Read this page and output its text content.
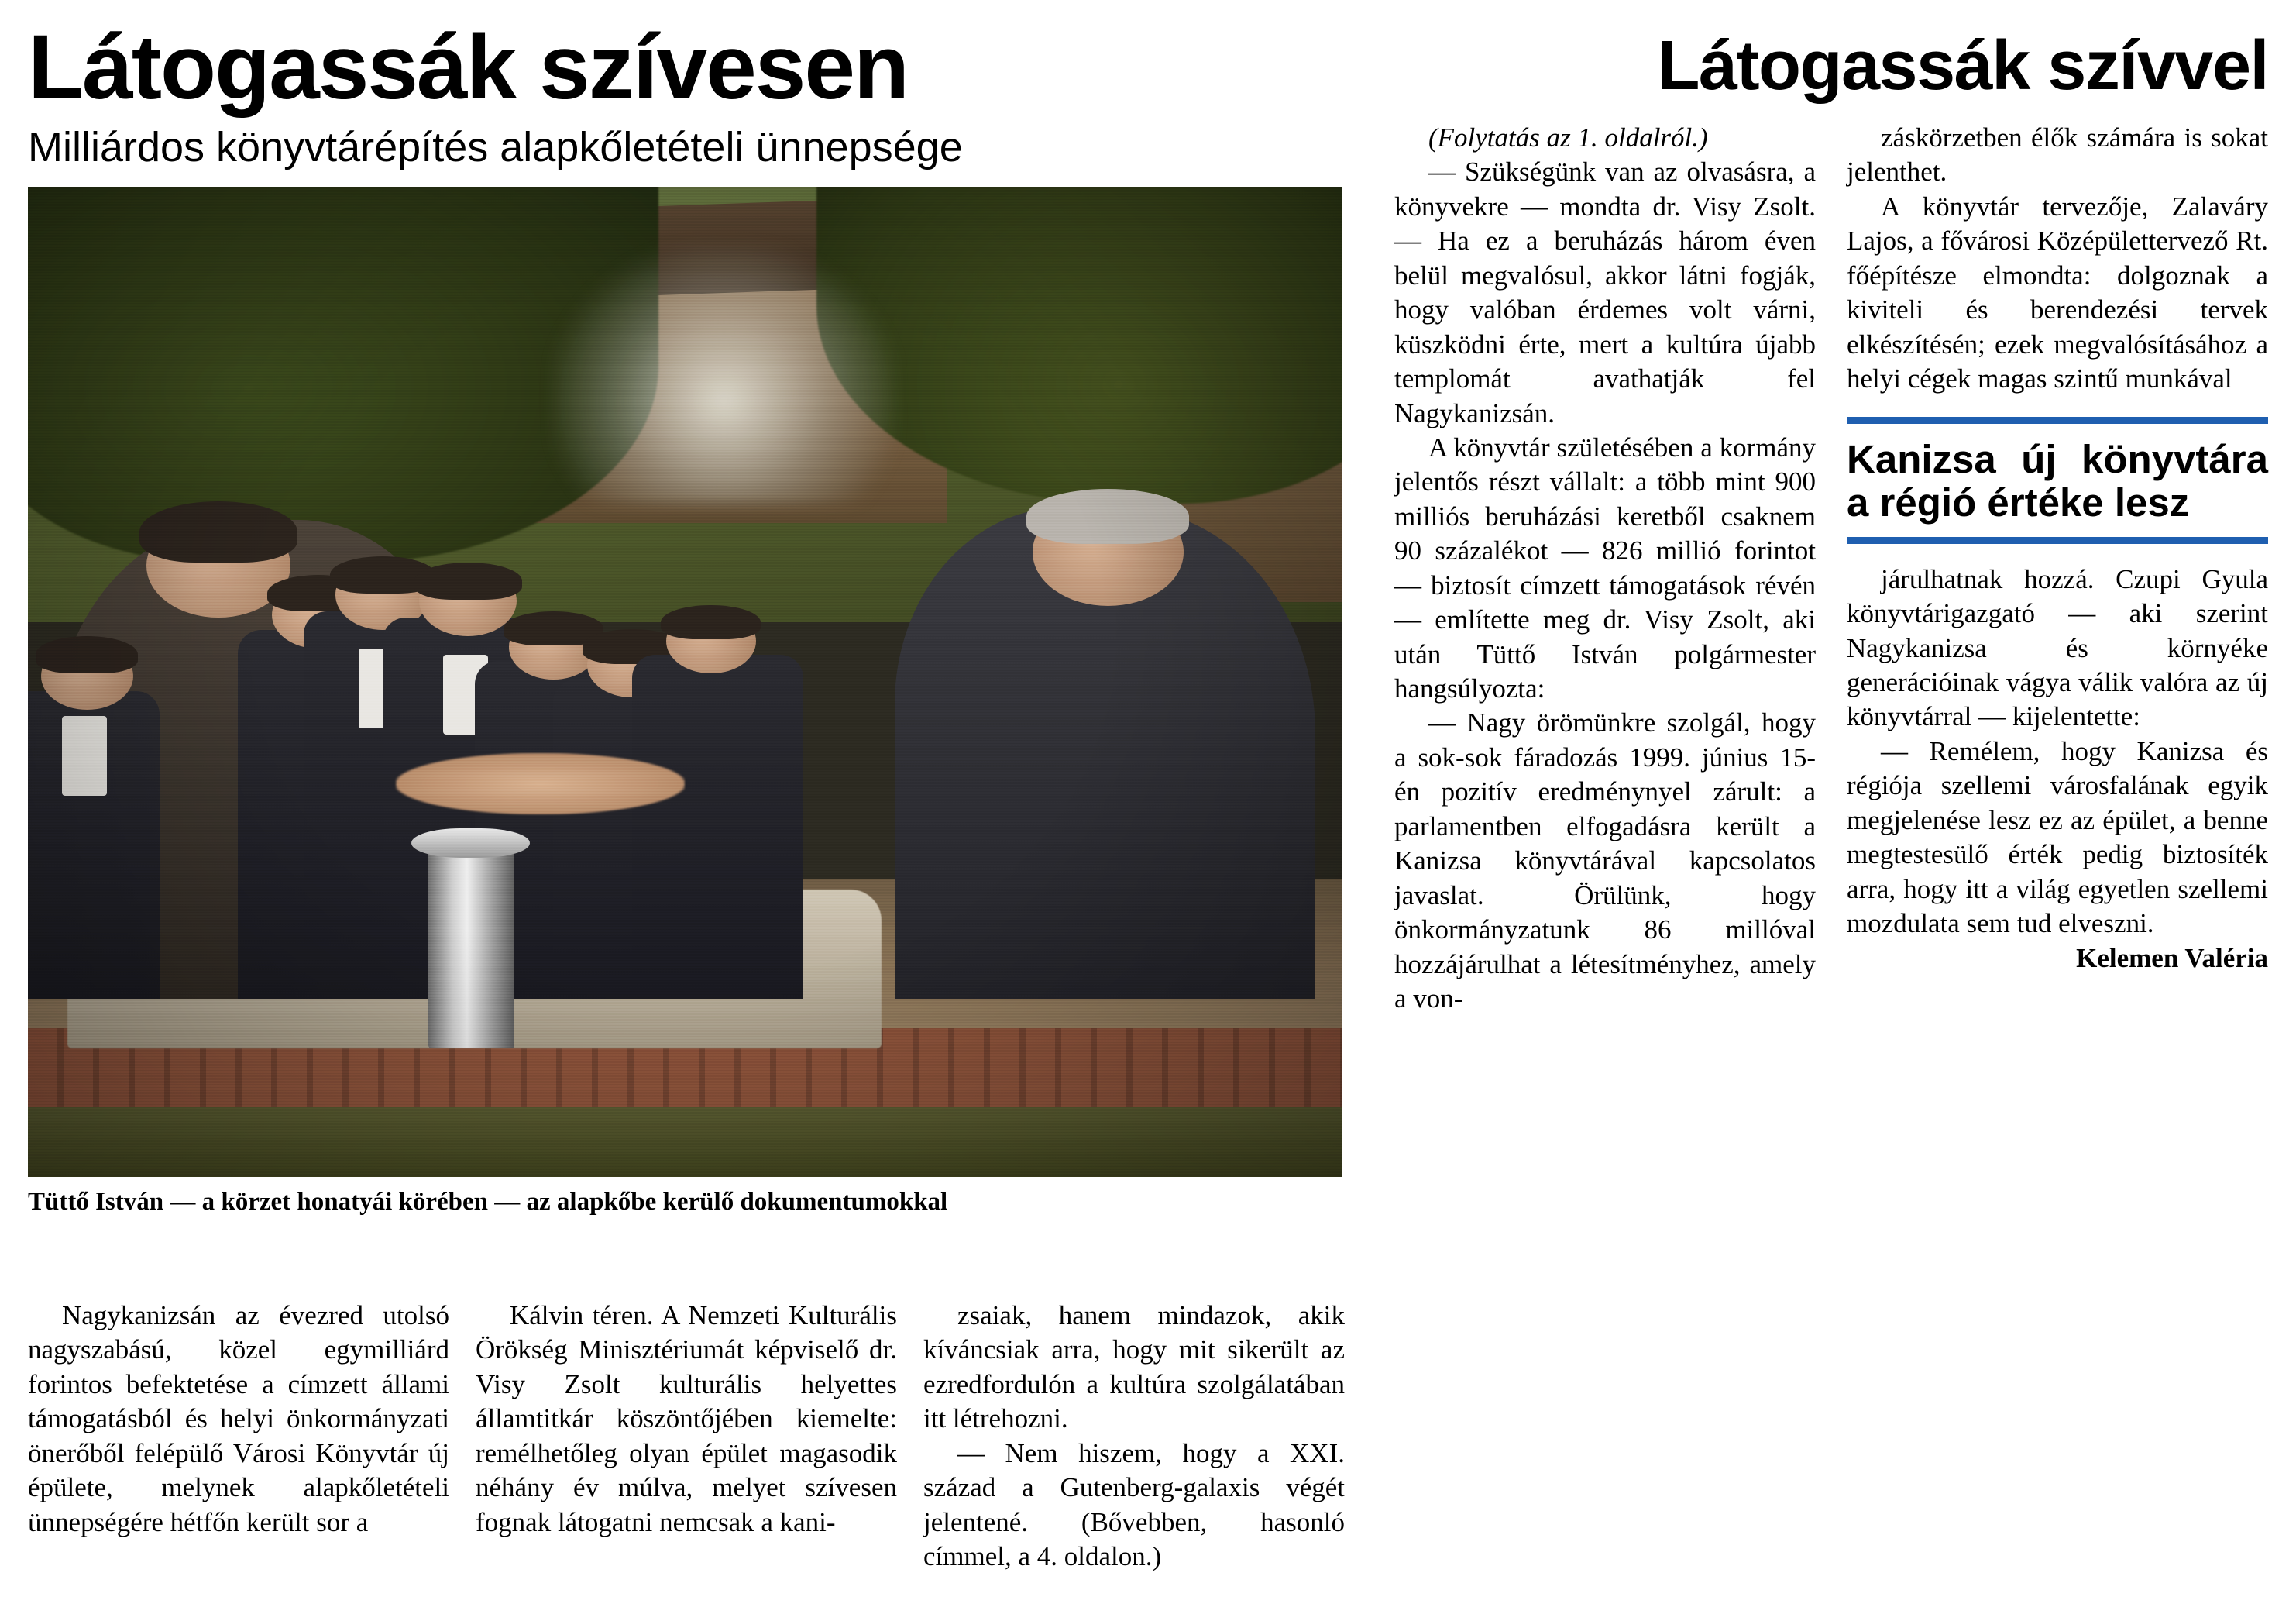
Látogassák szívesen
Milliárdos könyvtárépítés alapkőletételi ünnepsége
Tüttő István — a körzet honatyái körében — az alapkőbe kerülő dokumentumokkal

Nagykanizsán az évezred utolsó nagyszabású, közel egymilliárd forintos befektetése a címzett állami támogatásból és helyi önkormányzati önerőből felépülő Városi Könyvtár új épülete, melynek alapkőletételi ünnepségére hétfőn került sor a

Kálvin téren. A Nemzeti Kulturális Örökség Minisztériumát képviselő dr. Visy Zsolt kulturális helyettes államtitkár köszöntőjében kiemelte: remélhetőleg olyan épület magasodik néhány év múlva, melyet szívesen fognak látogatni nemcsak a kani-

zsaiak, hanem mindazok, akik kíváncsiak arra, hogy mit sikerült az ezredfordulón a kultúra szolgálatában itt létrehozni.

— Nem hiszem, hogy a XXI. század a Gutenberg-galaxis végét jelentené. (Bővebben, hasonló címmel, a 4. oldalon.)

Látogassák szívvel

(Folytatás az 1. oldalról.)

— Szükségünk van az olvasásra, a könyvekre — mondta dr. Visy Zsolt. — Ha ez a beruházás három éven belül megvalósul, akkor látni fogják, hogy valóban érdemes volt várni, küszködni érte, mert a kultúra újabb templomát avathatják fel Nagykanizsán.

A könyvtár születésében a kormány jelentős részt vállalt: a több mint 900 milliós beruházási keretből csaknem 90 százalékot — 826 millió forintot — biztosít címzett támogatások révén — említette meg dr. Visy Zsolt, aki után Tüttő István polgármester hangsúlyozta:

— Nagy örömünkre szolgál, hogy a sok-sok fáradozás 1999. június 15-én pozitív eredménynyel zárult: a parlamentben elfogadásra került a Kanizsa könyvtárával kapcsolatos javaslat. Örülünk, hogy önkormányzatunk 86 millóval hozzájárulhat a létesítményhez, amely a von-

záskörzetben élők számára is sokat jelenthet.

A könyvtár tervezője, Zalaváry Lajos, a fővárosi Középülettervező Rt. főépítésze elmondta: dolgoznak a kiviteli és berendezési tervek elkészítésén; ezek megvalósításához a helyi cégek magas szintű munkával

Kanizsa új könyvtára a régió értéke lesz

járulhatnak hozzá. Czupi Gyula könyvtárigazgató — aki szerint Nagykanizsa és környéke generációinak vágya válik valóra az új könyvtárral — kijelentette:

— Remélem, hogy Kanizsa és régiója szellemi városfalának egyik megjelenése lesz ez az épület, a benne megtestesülő érték pedig biztosíték arra, hogy itt a világ egyetlen szellemi mozdulata sem tud elveszni.

Kelemen Valéria
